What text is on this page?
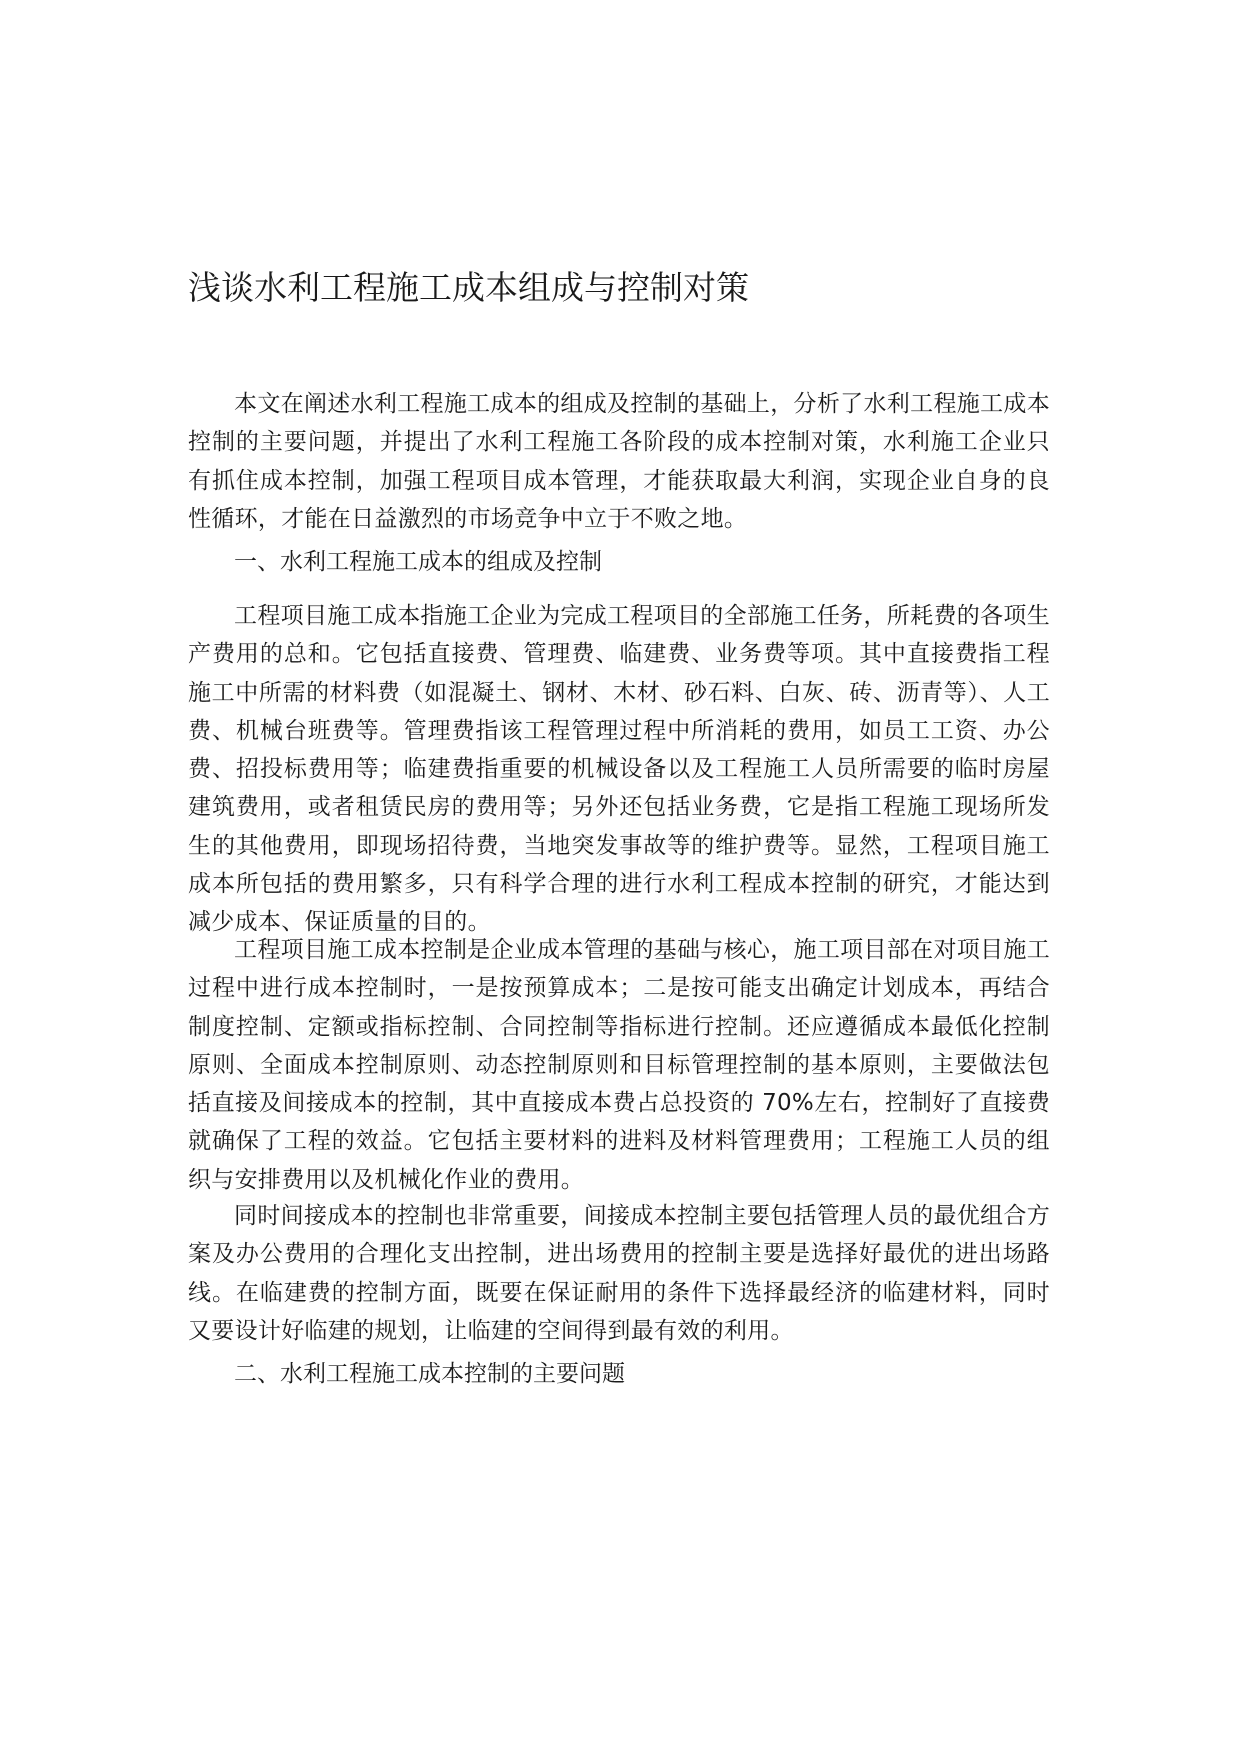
浅谈水利工程施工成本组成与控制对策

本文在阐述水利工程施工成本的组成及控制的基础上，分析了水利工程施工成本控制的主要问题，并提出了水利工程施工各阶段的成本控制对策，水利施工企业只有抓住成本控制，加强工程项目成本管理，才能获取最大利润，实现企业自身的良性循环，才能在日益激烈的市场竞争中立于不败之地。

一、水利工程施工成本的组成及控制

工程项目施工成本指施工企业为完成工程项目的全部施工任务，所耗费的各项生产费用的总和。它包括直接费、管理费、临建费、业务费等项。其中直接费指工程施工中所需的材料费（如混凝土、钢材、木材、砂石料、白灰、砖、沥青等）、人工费、机械台班费等。管理费指该工程管理过程中所消耗的费用，如员工工资、办公费、招投标费用等；临建费指重要的机械设备以及工程施工人员所需要的临时房屋建筑费用，或者租赁民房的费用等；另外还包括业务费，它是指工程施工现场所发生的其他费用，即现场招待费，当地突发事故等的维护费等。显然，工程项目施工成本所包括的费用繁多，只有科学合理的进行水利工程成本控制的研究，才能达到减少成本、保证质量的目的。

工程项目施工成本控制是企业成本管理的基础与核心，施工项目部在对项目施工过程中进行成本控制时，一是按预算成本；二是按可能支出确定计划成本，再结合制度控制、定额或指标控制、合同控制等指标进行控制。还应遵循成本最低化控制原则、全面成本控制原则、动态控制原则和目标管理控制的基本原则，主要做法包括直接及间接成本的控制，其中直接成本费占总投资的 70%左右，控制好了直接费就确保了工程的效益。它包括主要材料的进料及材料管理费用；工程施工人员的组织与安排费用以及机械化作业的费用。

同时间接成本的控制也非常重要，间接成本控制主要包括管理人员的最优组合方案及办公费用的合理化支出控制，进出场费用的控制主要是选择好最优的进出场路线。在临建费的控制方面，既要在保证耐用的条件下选择最经济的临建材料，同时又要设计好临建的规划，让临建的空间得到最有效的利用。

二、水利工程施工成本控制的主要问题
